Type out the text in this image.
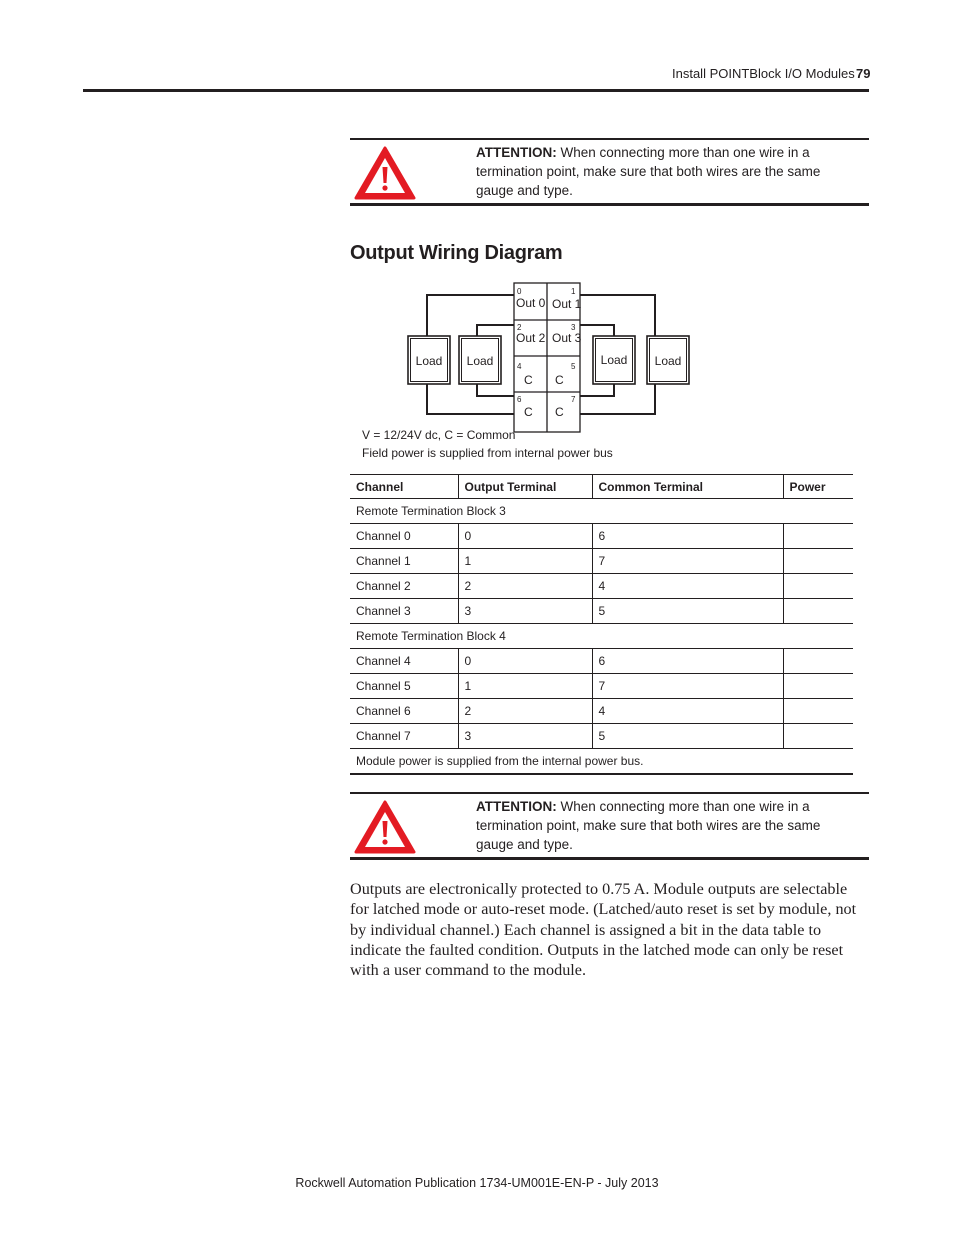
Install POINTBlock I/O Modules 79
ATTENTION: When connecting more than one wire in a termination point, make sure that both wires are the same gauge and type.
Output Wiring Diagram
Load Load	Load Load
0	1
2	3
4	5
6	7
Out 0 Out 1
Out 2 Out 3
C C
C C
V = 12/24V dc, C = Common
Field power is supplied from internal power bus
Channel	Output Terminal	Common Terminal	Power
Remote Termination Block 3			
Channel 0	0	6	
Channel 1	1	7	
Channel 2	2	4	
Channel 3	3	5	
Remote Termination Block 4			
Channel 4	0	6	
Channel 5	1	7	
Channel 6	2	4	
Channel 7	3	5	
Module power is supplied from the internal power bus.			
ATTENTION: When connecting more than one wire in a termination point, make sure that both wires are the same gauge and type.
Outputs are electronically protected to 0.75 A. Module outputs are selectable for latched mode or auto-reset mode. (Latched/auto reset is set by module, not by individual channel.) Each channel is assigned a bit in the data table to indicate the faulted condition. Outputs in the latched mode can only be reset with a user command to the module.
Rockwell Automation Publication 1734-UM001E-EN-P - July 2013
